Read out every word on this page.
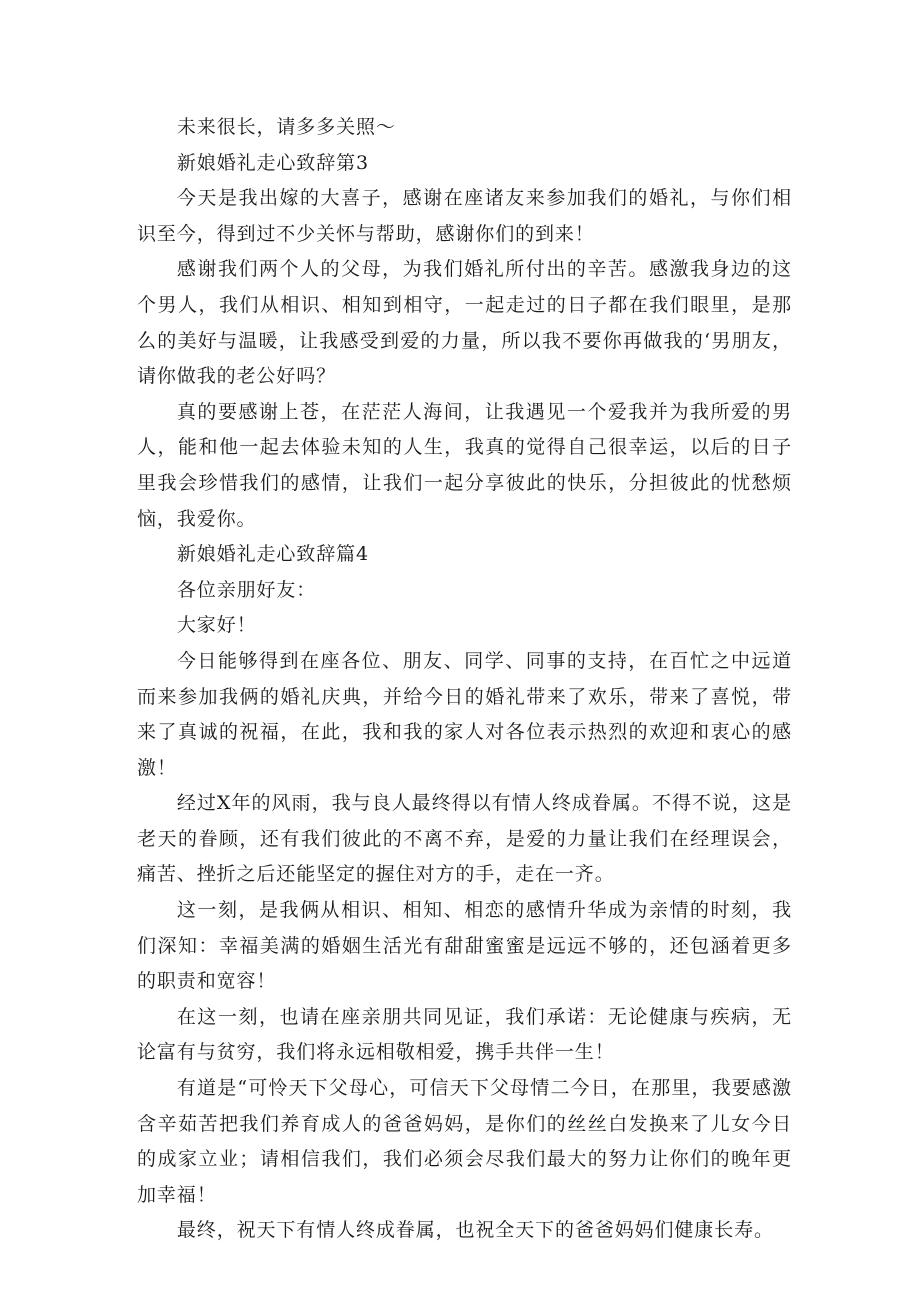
未来很长，请多多关照～

新娘婚礼走心致辞第3

今天是我出嫁的大喜子，感谢在座诸友来参加我们的婚礼，与你们相识至今，得到过不少关怀与帮助，感谢你们的到来！

感谢我们两个人的父母，为我们婚礼所付出的辛苦。感激我身边的这个男人，我们从相识、相知到相守，一起走过的日子都在我们眼里，是那么的美好与温暖，让我感受到爱的力量，所以我不要你再做我的‘男朋友，请你做我的老公好吗？

真的要感谢上苍，在茫茫人海间，让我遇见一个爱我并为我所爱的男人，能和他一起去体验未知的人生，我真的觉得自己很幸运，以后的日子里我会珍惜我们的感情，让我们一起分享彼此的快乐，分担彼此的忧愁烦恼，我爱你。

新娘婚礼走心致辞篇4

各位亲朋好友：

大家好！

今日能够得到在座各位、朋友、同学、同事的支持，在百忙之中远道而来参加我俩的婚礼庆典，并给今日的婚礼带来了欢乐，带来了喜悦，带来了真诚的祝福，在此，我和我的家人对各位表示热烈的欢迎和衷心的感激！

经过X年的风雨，我与良人最终得以有情人终成眷属。不得不说，这是老天的眷顾，还有我们彼此的不离不弃，是爱的力量让我们在经理误会，痛苦、挫折之后还能坚定的握住对方的手，走在一齐。

这一刻，是我俩从相识、相知、相恋的感情升华成为亲情的时刻，我们深知：幸福美满的婚姻生活光有甜甜蜜蜜是远远不够的，还包涵着更多的职责和宽容！

在这一刻，也请在座亲朋共同见证，我们承诺：无论健康与疾病，无论富有与贫穷，我们将永远相敬相爱，携手共伴一生！

有道是“可怜天下父母心，可信天下父母情二今日，在那里，我要感激含辛茹苦把我们养育成人的爸爸妈妈，是你们的丝丝白发换来了儿女今日的成家立业；请相信我们，我们必须会尽我们最大的努力让你们的晚年更加幸福！

最终，祝天下有情人终成眷属，也祝全天下的爸爸妈妈们健康长寿。
